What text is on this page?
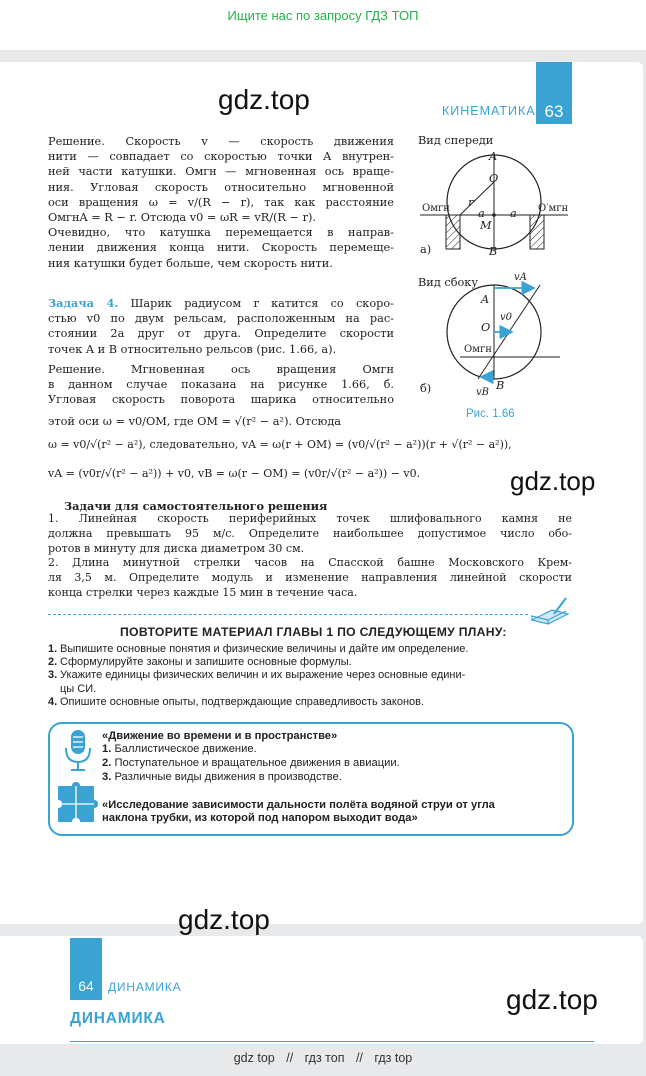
Ищите нас по запросу ГДЗ ТОП
63
КИНЕМАТИКА
gdz.top
Решение. Скорость v — скорость движения
нити — совпадает со скоростью точки A внутрен-
ней части катушки. Oмгн — мгновенная ось враще-
ния. Угловая скорость относительно мгновенной
оси вращения ω = v/(R − r), так как расстояние
OмгнA = R − r. Отсюда v0 = ωR = vR/(R − r).
Очевидно, что катушка перемещается в направ-
лении движения конца нити. Скорость перемеще-
ния катушки будет больше, чем скорость нити.
Задача 4. Шарик радиусом r катится со скоро-
стью v0 по двум рельсам, расположенным на рас-
стоянии 2a друг от друга. Определите скорости
точек A и B относительно рельсов (рис. 1.66, а).
Решение. Мгновенная ось вращения Oмгн
в данном случае показана на рисунке 1.66, б.
Угловая скорость поворота шарика относительно
этой оси ω = v0/OM, где OM = √(r² − a²). Отсюда
ω = v0/√(r² − a²), следовательно, vA = ω(r + OM) = (v0/√(r² − a²))(r + √(r² − a²)),
vA = (v0r/√(r² − a²)) + v0, vB = ω(r − OM) = (v0r/√(r² − a²)) − v0.	gdz.top
Вид спереди
Вид сбоку
а)
б)
Рис. 1.66
A
O
r
a a
M
B
Oмгн	O′мгн
vA
A
O
v0
Oмгн
B
vB
Задачи для самостоятельного решения
1. Линейная скорость периферийных точек шлифовального камня не
должна превышать 95 м/с. Определите наибольшее допустимое число обо-
ротов в минуту для диска диаметром 30 см.
2. Длина минутной стрелки часов на Спасской башне Московского Крем-
ля 3,5 м. Определите модуль и изменение направления линейной скорости
конца стрелки через каждые 15 мин в течение часа.
ПОВТОРИТЕ МАТЕРИАЛ ГЛАВЫ 1 ПО СЛЕДУЮЩЕМУ ПЛАНУ:
1. Выпишите основные понятия и физические величины и дайте им определение.
2. Сформулируйте законы и запишите основные формулы.
3. Укажите единицы физических величин и их выражение через основные едини-
цы СИ.
4. Опишите основные опыты, подтверждающие справедливость законов.
«Движение во времени и в пространстве»
1. Баллистическое движение.
2. Поступательное и вращательное движения в авиации.
3. Различные виды движения в производстве.
«Исследование зависимости дальности полёта водяной струи от угла
наклона трубки, из которой под напором выходит вода»
gdz.top
64	ДИНАМИКА
ДИНАМИКА
gdz.top
gdz top // гдз топ // гдз top
